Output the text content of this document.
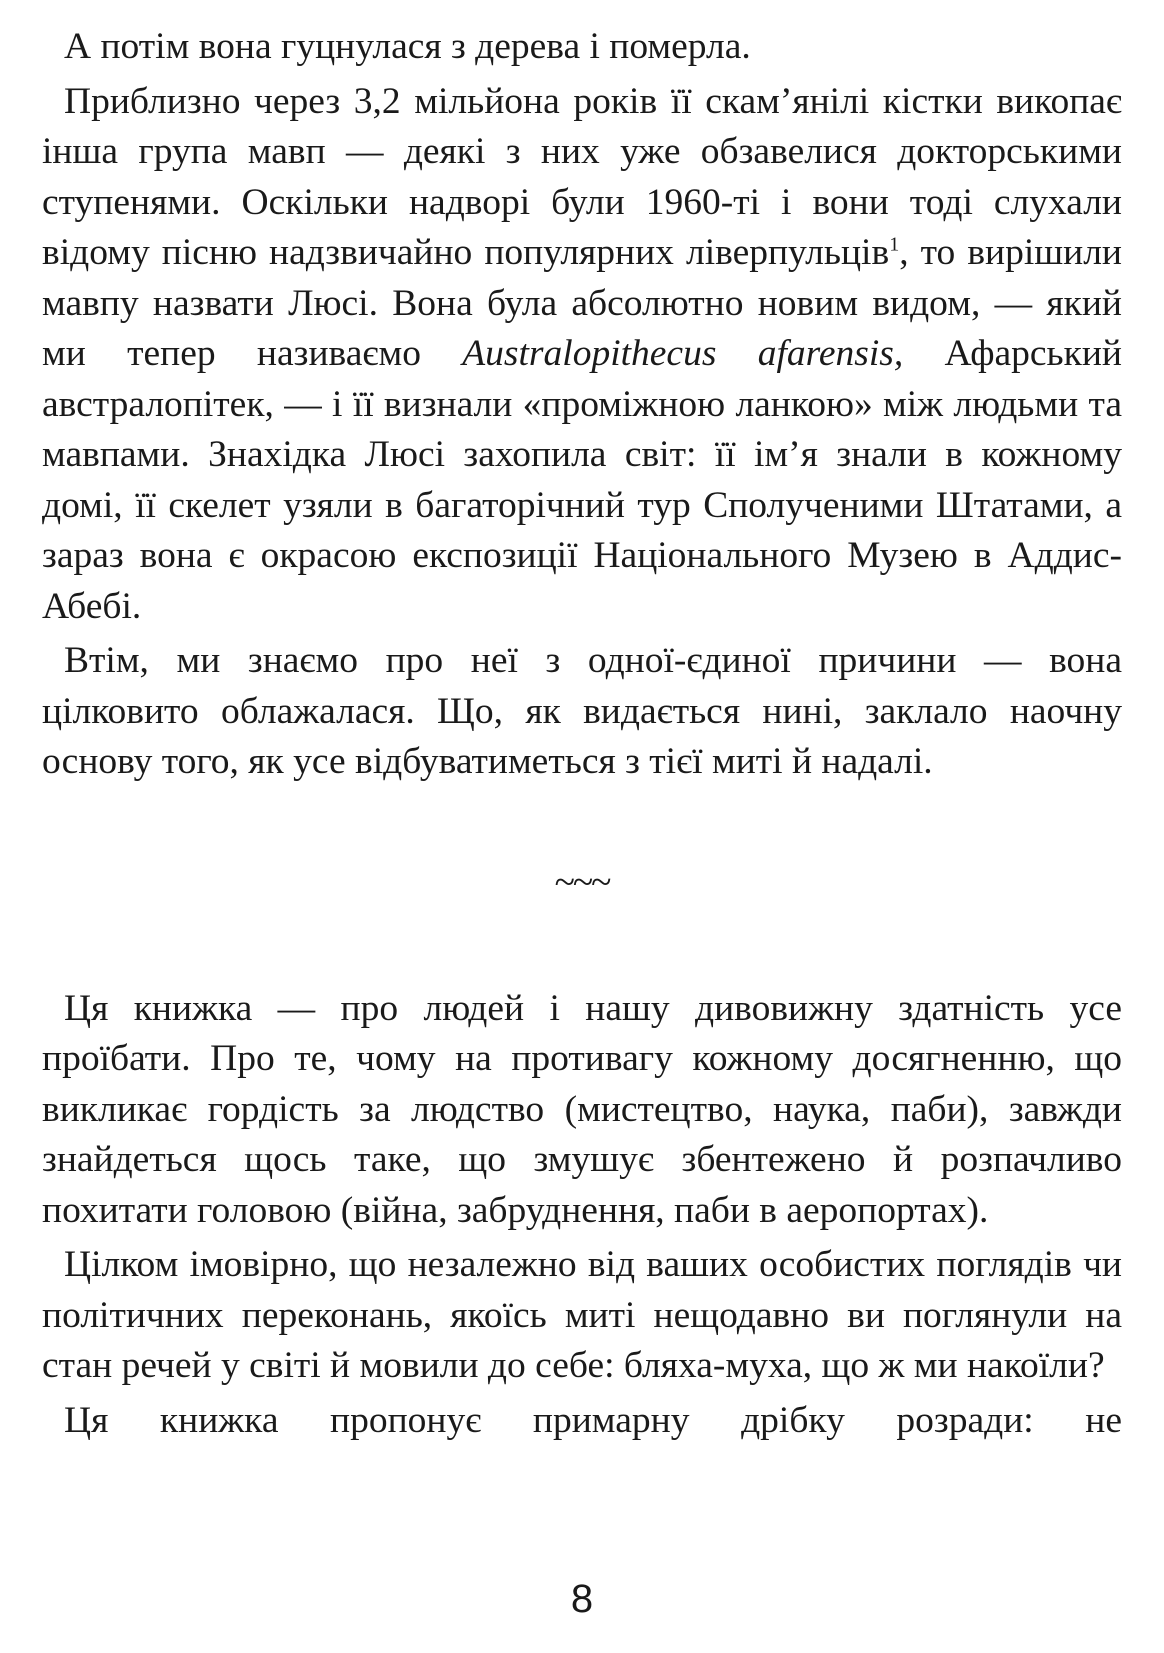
А потім вона гуцнулася з дерева і померла.

Приблизно через 3,2 мільйона років її скам’янілі кістки викопає інша група мавп — деякі з них уже обзавелися докторськими ступенями. Оскільки надворі були 1960-ті і вони тоді слухали відому пісню надзвичайно популярних ліверпульців$^1$, то вирішили мавпу назвати Люсі. Вона була абсолютно новим видом, — який ми тепер називаємо Australopithecus afarensis, Афарський австралопітек, — і її визнали «проміжною ланкою» між людьми та мавпами. Знахідка Люсі захопила світ: її ім’я знали в кожному домі, її скелет узяли в багаторічний тур Сполученими Штатами, а зараз вона є окрасою експозиції Національного Музею в Аддис-Абебі.

Втім, ми знаємо про неї з одної-єдиної причини — вона цілковито облажалася. Що, як видається нині, заклало наочну основу того, як усе відбуватиметься з тієї миті й надалі.

~~~

Ця книжка — про людей і нашу дивовижну здатність усе проїбати. Про те, чому на противагу кожному досягненню, що викликає гордість за людство (мистецтво, наука, паби), завжди знайдеться щось таке, що змушує збентежено й розпачливо похитати головою (війна, забруднення, паби в аеропортах).

Цілком імовірно, що незалежно від ваших особистих поглядів чи політичних переконань, якоїсь миті нещодавно ви поглянули на стан речей у світі й мовили до себе: бляха-муха, що ж ми накоїли?

Ця книжка пропонує примарну дрібку розради: не

8
